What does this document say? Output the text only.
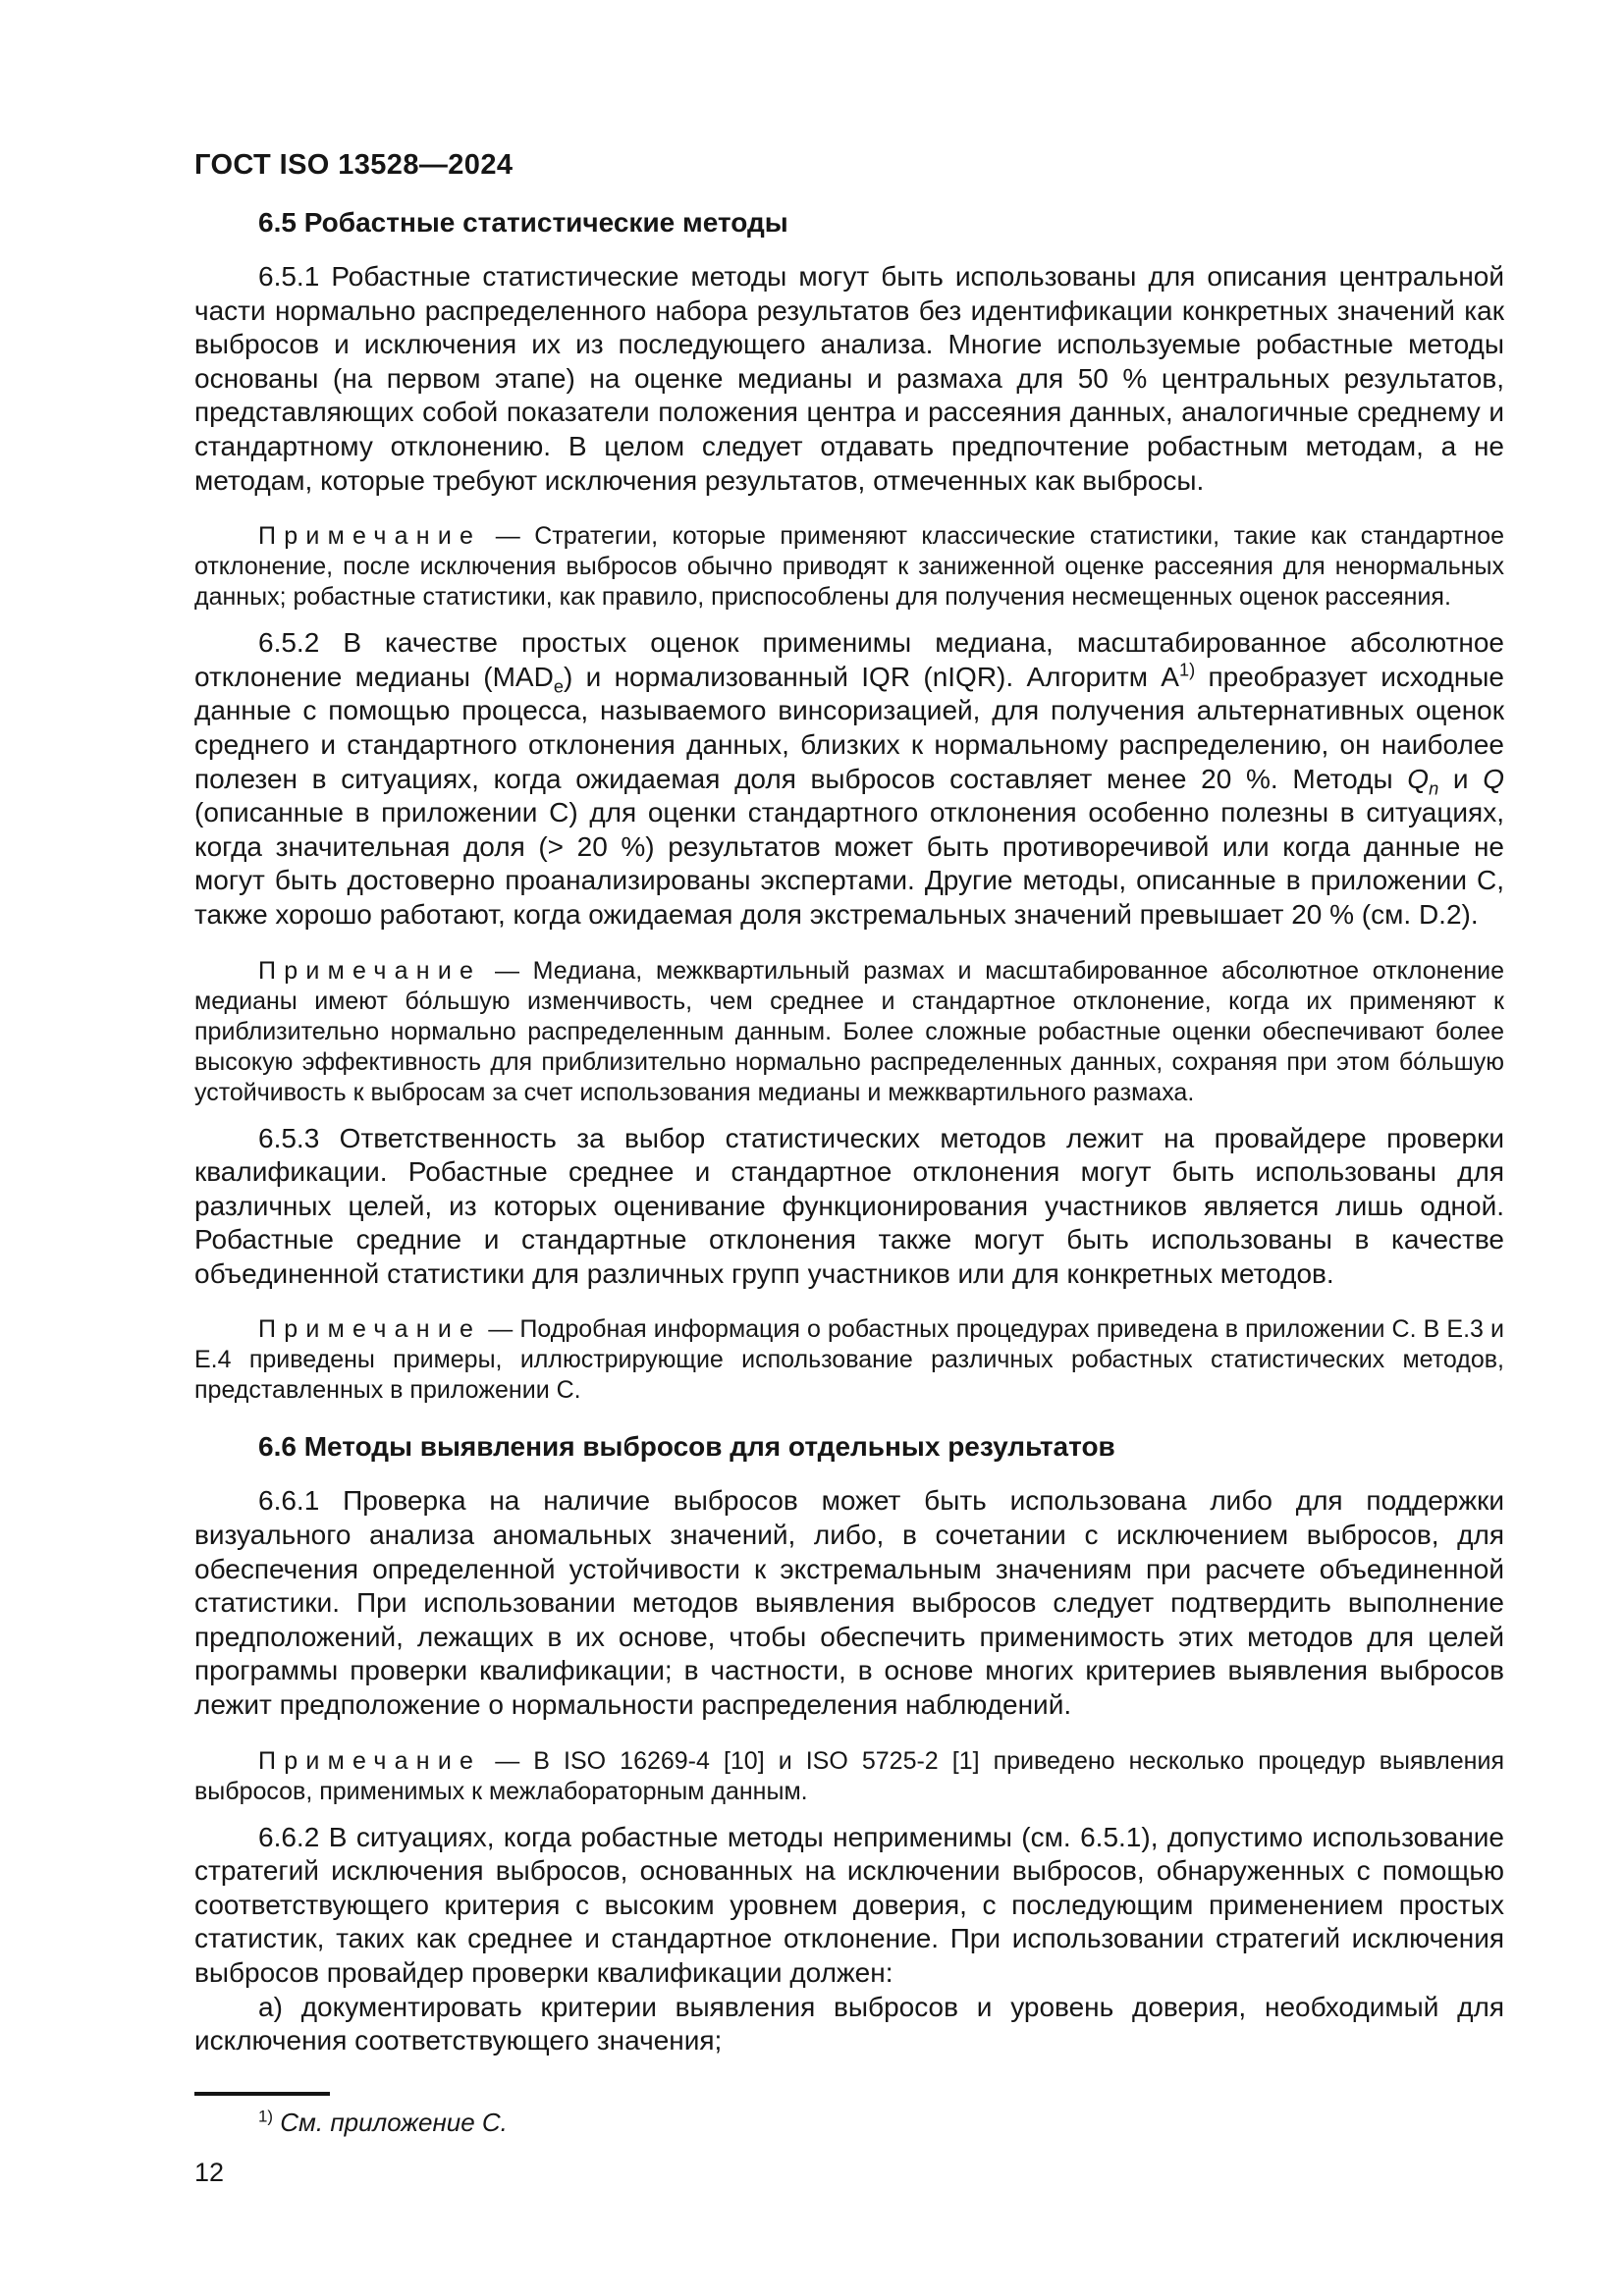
ГОСТ ISO 13528—2024
6.5 Робастные статистические методы
6.5.1 Робастные статистические методы могут быть использованы для описания центральной части нормально распределенного набора результатов без идентификации конкретных значений как выбросов и исключения их из последующего анализа. Многие используемые робастные методы основаны (на первом этапе) на оценке медианы и размаха для 50 % центральных результатов, представляющих собой показатели положения центра и рассеяния данных, аналогичные среднему и стандартному отклонению. В целом следует отдавать предпочтение робастным методам, а не методам, которые требуют исключения результатов, отмеченных как выбросы.
Примечание — Стратегии, которые применяют классические статистики, такие как стандартное отклонение, после исключения выбросов обычно приводят к заниженной оценке рассеяния для ненормальных данных; робастные статистики, как правило, приспособлены для получения несмещенных оценок рассеяния.
6.5.2 В качестве простых оценок применимы медиана, масштабированное абсолютное отклонение медианы $(MAD_e)$ и нормализованный IQR (nIQR). Алгоритм $A^{1)}$ преобразует исходные данные с помощью процесса, называемого винсоризацией, для получения альтернативных оценок среднего и стандартного отклонения данных, близких к нормальному распределению, он наиболее полезен в ситуациях, когда ожидаемая доля выбросов составляет менее 20 %. Методы $Q_n$ и Q (описанные в приложении C) для оценки стандартного отклонения особенно полезны в ситуациях, когда значительная доля (> 20 %) результатов может быть противоречивой или когда данные не могут быть достоверно проанализированы экспертами. Другие методы, описанные в приложении C, также хорошо работают, когда ожидаемая доля экстремальных значений превышает 20 % (см. D.2).
Примечание — Медиана, межквартильный размах и масштабированное абсолютное отклонение медианы имеют бо́льшую изменчивость, чем среднее и стандартное отклонение, когда их применяют к приблизительно нормально распределенным данным. Более сложные робастные оценки обеспечивают более высокую эффективность для приблизительно нормально распределенных данных, сохраняя при этом бо́льшую устойчивость к выбросам за счет использования медианы и межквартильного размаха.
6.5.3 Ответственность за выбор статистических методов лежит на провайдере проверки квалификации. Робастные среднее и стандартное отклонения могут быть использованы для различных целей, из которых оценивание функционирования участников является лишь одной. Робастные средние и стандартные отклонения также могут быть использованы в качестве объединенной статистики для различных групп участников или для конкретных методов.
Примечание — Подробная информация о робастных процедурах приведена в приложении C. В E.3 и E.4 приведены примеры, иллюстрирующие использование различных робастных статистических методов, представленных в приложении C.
6.6 Методы выявления выбросов для отдельных результатов
6.6.1 Проверка на наличие выбросов может быть использована либо для поддержки визуального анализа аномальных значений, либо, в сочетании с исключением выбросов, для обеспечения определенной устойчивости к экстремальным значениям при расчете объединенной статистики. При использовании методов выявления выбросов следует подтвердить выполнение предположений, лежащих в их основе, чтобы обеспечить применимость этих методов для целей программы проверки квалификации; в частности, в основе многих критериев выявления выбросов лежит предположение о нормальности распределения наблюдений.
Примечание — В ISO 16269-4 [10] и ISO 5725-2 [1] приведено несколько процедур выявления выбросов, применимых к межлабораторным данным.
6.6.2 В ситуациях, когда робастные методы неприменимы (см. 6.5.1), допустимо использование стратегий исключения выбросов, основанных на исключении выбросов, обнаруженных с помощью соответствующего критерия с высоким уровнем доверия, с последующим применением простых статистик, таких как среднее и стандартное отклонение. При использовании стратегий исключения выбросов провайдер проверки квалификации должен:
а) документировать критерии выявления выбросов и уровень доверия, необходимый для исключения соответствующего значения;
$^{1)}$ См. приложение C.
12
